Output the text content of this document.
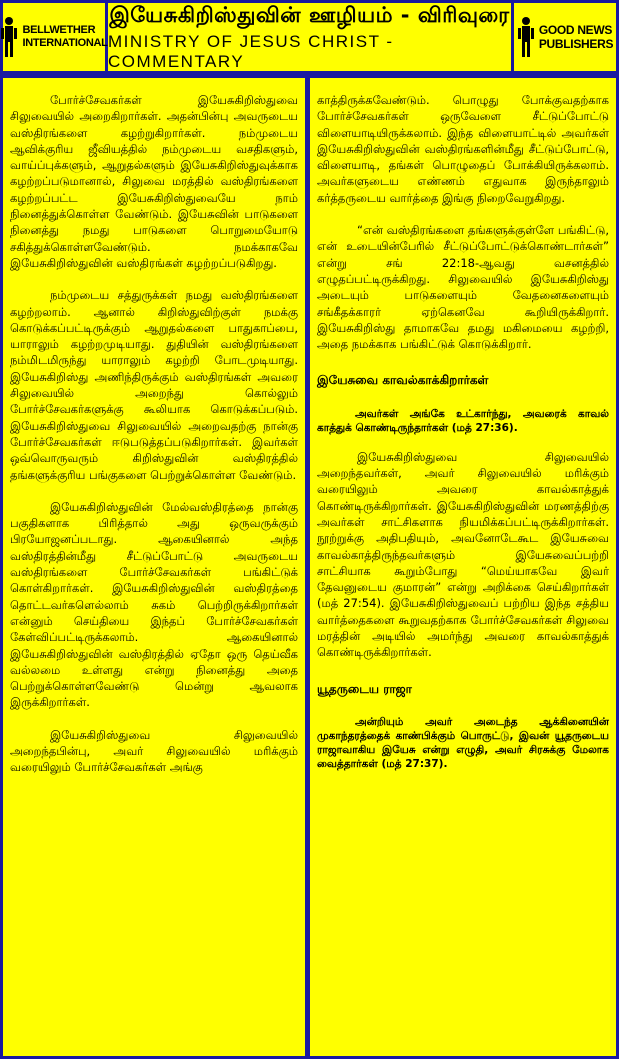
BELLWETHER
INTERNATIONAL
இயேசுகிறிஸ்துவின் ஊழியம் - விரிவுரை
MINISTRY OF JESUS CHRIST - COMMENTARY
GOOD NEWS
PUBLISHERS

போர்ச்சேவகர்கள் இயேசுகிறிஸ்துவை சிலுவையில் அறைகிறார்கள். அதன்பின்பு அவருடைய வஸ்திரங்களை கழற்றுகிறார்கள். நம்முடைய ஆவிக்குரிய ஜீவியத்தில் நம்முடைய வசதிகளும், வாய்ப்புக்களும், ஆறுதல்களும் இயேசுகிறிஸ்துவுக்காக கழற்றப்படுமானால், சிலுவை மரத்தில் வஸ்திரங்களை கழற்றப்பட்ட இயேசுகிறிஸ்துவையே நாம் நினைத்துக்கொள்ள வேண்டும். இயேசுவின் பாடுகளை நினைத்து நமது பாடுகளை பொறுமையோடு சகித்துக்கொள்ளவேண்டும். நமக்காகவே இயேசுகிறிஸ்துவின் வஸ்திரங்கள் கழற்றப்படுகிறது.

நம்முடைய சத்துருக்கள் நமது வஸ்திரங்களை கழற்றலாம். ஆனால் கிறிஸ்துவிற்குள் நமக்கு கொடுக்கப்பட்டிருக்கும் ஆறுதல்களை பாதுகாப்பை, யாராலும் கழற்றமுடியாது. துதியின் வஸ்திரங்களை நம்மிடமிருந்து யாராலும் கழற்றி போடமுடியாது. இயேசுகிறிஸ்து அணிந்திருக்கும் வஸ்திரங்கள் அவரை சிலுவையில் அறைந்து கொல்லும் போர்ச்சேவகர்களுக்கு கூலியாக கொடுக்கப்படும். இயேசுகிறிஸ்துவை சிலுவையில் அறைவதற்கு நான்கு போர்ச்சேவகர்கள் ஈடுபடுத்தப்படுகிறார்கள். இவர்கள் ஒவ்வொருவரும் கிறிஸ்துவின் வஸ்திரத்தில் தங்களுக்குரிய பங்குகளை பெற்றுக்கொள்ள வேண்டும்.

இயேசுகிறிஸ்துவின் மேல்வஸ்திரத்தை நான்கு பகுதிகளாக பிரித்தால் அது ஒருவருக்கும் பிரயோஜனப்படாது. ஆகையினால் அந்த வஸ்திரத்தின்மீது சீட்டுப்போட்டு அவருடைய வஸ்திரங்களை போர்ச்சேவகர்கள் பங்கிட்டுக் கொள்கிறார்கள். இயேசுகிறிஸ்துவின் வஸ்திரத்தை தொட்டவர்களெல்லாம் சுகம் பெற்றிருக்கிறார்கள் என்னும் செய்தியை இந்தப் போர்ச்சேவகர்கள் கேள்விப்பட்டிருக்கலாம். ஆகையினால் இயேசுகிறிஸ்துவின் வஸ்திரத்தில் ஏதோ ஒரு தெய்வீக வல்லமை உள்ளது என்று நினைத்து அதை பெற்றுக்கொள்ளவேண்டு மென்று ஆவலாக இருக்கிறார்கள்.

இயேசுகிறிஸ்துவை சிலுவையில் அறைந்தபின்பு, அவர் சிலுவையில் மரிக்கும் வரையிலும் போர்ச்சேவகர்கள் அங்கு

காத்திருக்கவேண்டும். பொழுது போக்குவதற்காக போர்ச்சேவகர்கள் ஒருவேளை சீட்டுப்போட்டு விளையாடியிருக்கலாம். இந்த விளையாட்டில் அவர்கள் இயேசுகிறிஸ்துவின் வஸ்திரங்களின்மீது சீட்டுப்போட்டு, விளையாடி, தங்கள் பொழுதைப் போக்கியிருக்கலாம். அவர்களுடைய எண்ணம் எதுவாக இருந்தாலும் கர்த்தருடைய வார்த்தை இங்கு நிறைவேறுகிறது.

“என் வஸ்திரங்களை தங்களுக்குள்ளே பங்கிட்டு, என் உடையின்பேரில் சீட்டுப்போட்டுக்கொண்டார்கள்” என்று சங் 22:18-ஆவது வசனத்தில் எழுதப்பட்டிருக்கிறது. சிலுவையில் இயேசுகிறிஸ்து அடையும் பாடுகளையும் வேதனைகளையும் சங்கீதக்காரர் ஏற்கெனவே கூறியிருக்கிறார். இயேசுகிறிஸ்து தாமாகவே தமது மகிமையை கழற்றி, அதை நமக்காக பங்கிட்டுக் கொடுக்கிறார்.

இயேசுவை காவல்காக்கிறார்கள்

அவர்கள் அங்கே உட்கார்ந்து, அவரைக் காவல் காத்துக் கொண்டிருந்தார்கள் (மத் 27:36).

இயேசுகிறிஸ்துவை சிலுவையில் அறைந்தவர்கள், அவர் சிலுவையில் மரிக்கும் வரையிலும் அவரை காவல்காத்துக் கொண்டிருக்கிறார்கள். இயேசுகிறிஸ்துவின் மரணத்திற்கு அவர்கள் சாட்சிகளாக நியமிக்கப்பட்டிருக்கிறார்கள். நூற்றுக்கு அதிபதியும், அவனோடேகூட இயேசுவை காவல்காத்திருந்தவர்களும் இயேசுவைப்பற்றி சாட்சியாக கூறும்போது “மெய்யாகவே இவர் தேவனுடைய குமாரன்” என்று அறிக்கை செய்கிறார்கள் (மத் 27:54). இயேசுகிறிஸ்துவைப் பற்றிய இந்த சத்திய வார்த்தைகளை கூறுவதற்காக போர்ச்சேவகர்கள் சிலுவை மரத்தின் அடியில் அமர்ந்து அவரை காவல்காத்துக் கொண்டிருக்கிறார்கள்.

யூதருடைய ராஜா

அன்றியும் அவர் அடைந்த ஆக்கினையின் முகாந்தரத்தைக் காண்பிக்கும் பொருட்டு, இவன் யூதருடைய ராஜாவாகிய இயேசு என்று எழுதி, அவர் சிரசுக்கு மேலாக வைத்தார்கள் (மத் 27:37).
